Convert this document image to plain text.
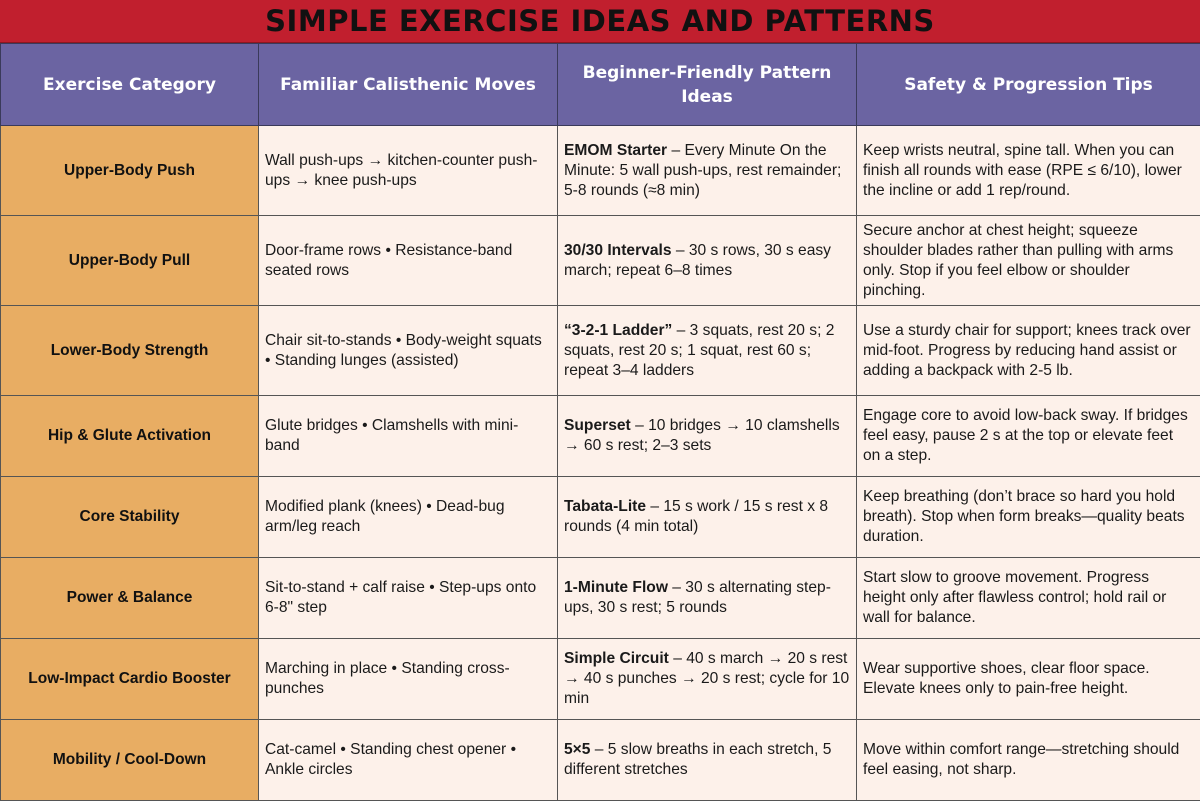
SIMPLE EXERCISE IDEAS AND PATTERNS
Exercise Category	Familiar Calisthenic Moves	Beginner-Friendly Pattern Ideas	Safety & Progression Tips
Upper-Body Push	Wall push-ups → kitchen-counter push-ups → knee push-ups	EMOM Starter – Every Minute On the Minute: 5 wall push-ups, rest remainder; 5-8 rounds (≈8 min)	Keep wrists neutral, spine tall. When you can finish all rounds with ease (RPE ≤ 6/10), lower the incline or add 1 rep/round.
Upper-Body Pull	Door-frame rows • Resistance-band seated rows	30/30 Intervals – 30 s rows, 30 s easy march; repeat 6–8 times	Secure anchor at chest height; squeeze shoulder blades rather than pulling with arms only. Stop if you feel elbow or shoulder pinching.
Lower-Body Strength	Chair sit-to-stands • Body-weight squats • Standing lunges (assisted)	“3-2-1 Ladder” – 3 squats, rest 20 s; 2 squats, rest 20 s; 1 squat, rest 60 s; repeat 3–4 ladders	Use a sturdy chair for support; knees track over mid-foot. Progress by reducing hand assist or adding a backpack with 2-5 lb.
Hip & Glute Activation	Glute bridges • Clamshells with mini-band	Superset – 10 bridges → 10 clamshells → 60 s rest; 2–3 sets	Engage core to avoid low-back sway. If bridges feel easy, pause 2 s at the top or elevate feet on a step.
Core Stability	Modified plank (knees) • Dead-bug arm/leg reach	Tabata-Lite – 15 s work / 15 s rest x 8 rounds (4 min total)	Keep breathing (don’t brace so hard you hold breath). Stop when form breaks—quality beats duration.
Power & Balance	Sit-to-stand + calf raise • Step-ups onto 6-8" step	1-Minute Flow – 30 s alternating step-ups, 30 s rest; 5 rounds	Start slow to groove movement. Progress height only after flawless control; hold rail or wall for balance.
Low-Impact Cardio Booster	Marching in place • Standing cross-punches	Simple Circuit – 40 s march → 20 s rest → 40 s punches → 20 s rest; cycle for 10 min	Wear supportive shoes, clear floor space. Elevate knees only to pain-free height.
Mobility / Cool-Down	Cat-camel • Standing chest opener • Ankle circles	5×5 – 5 slow breaths in each stretch, 5 different stretches	Move within comfort range—stretching should feel easing, not sharp.
